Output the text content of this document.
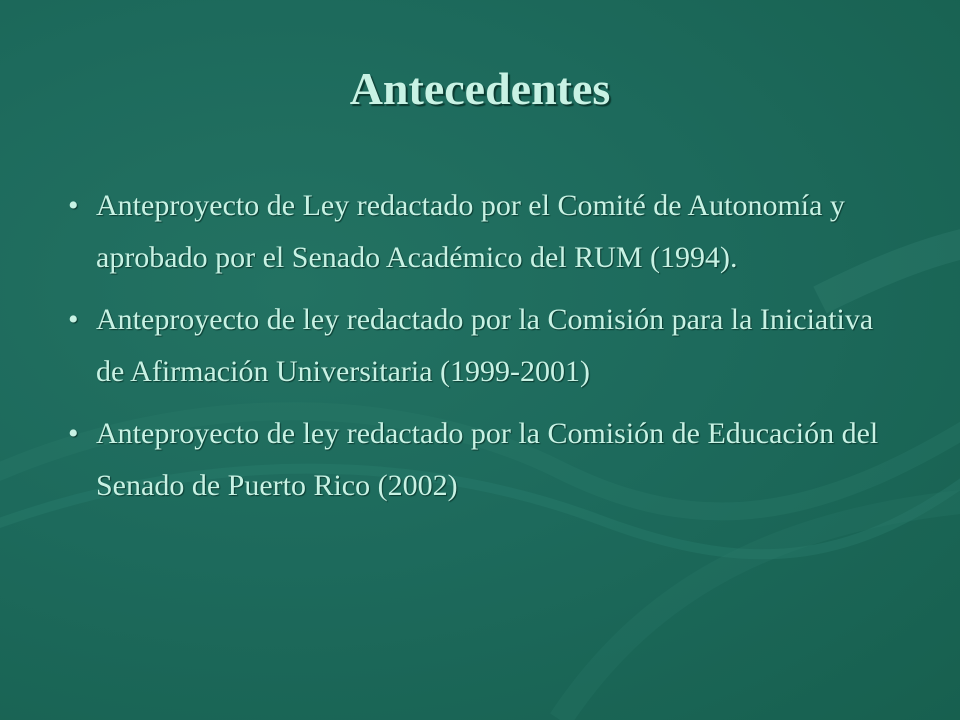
Antecedentes
• Anteproyecto de Ley redactado por el Comité de Autonomía y aprobado por el Senado Académico del RUM (1994).
• Anteproyecto de ley redactado por la Comisión para la Iniciativa de Afirmación Universitaria (1999-2001)
• Anteproyecto de ley redactado por la Comisión de Educación del Senado de Puerto Rico (2002)
